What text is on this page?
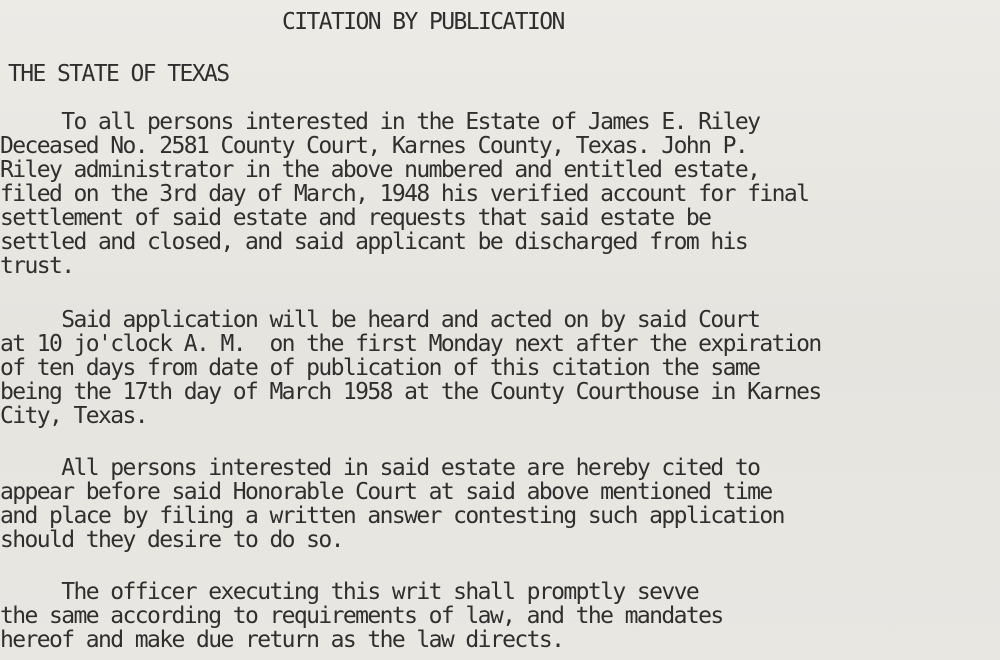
CITATION BY PUBLICATION
THE STATE OF TEXAS
To all persons interested in the Estate of James E. Riley
Deceased No. 2581 County Court, Karnes County, Texas. John P.
Riley administrator in the above numbered and entitled estate,
filed on the 3rd day of March, 1948 his verified account for final
settlement of said estate and requests that said estate be
settled and closed, and said applicant be discharged from his
trust.
Said application will be heard and acted on by said Court
at 10 jo'clock A. M.  on the first Monday next after the expiration
of ten days from date of publication of this citation the same
being the 17th day of March 1958 at the County Courthouse in Karnes
City, Texas.
All persons interested in said estate are hereby cited to
appear before said Honorable Court at said above mentioned time
and place by filing a written answer contesting such application
should they desire to do so.
The officer executing this writ shall promptly sevve
the same according to requirements of law, and the mandates
hereof and make due return as the law directs.
